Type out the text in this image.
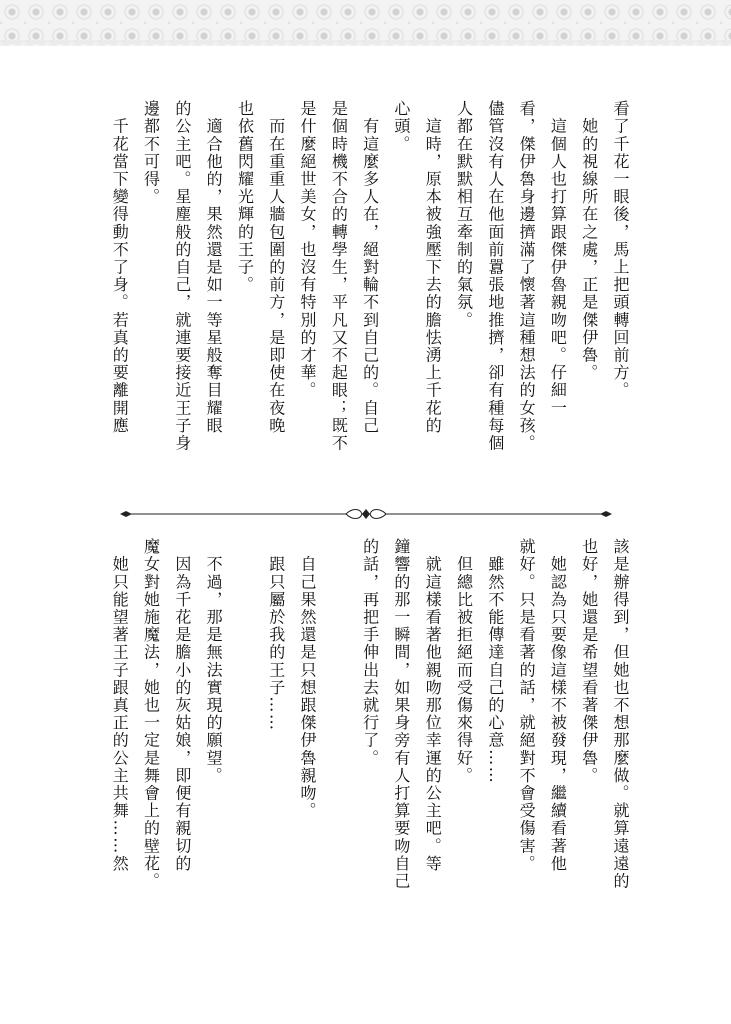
看了千花一眼後，馬上把頭轉回前方。

　她的視線所在之處，正是傑伊魯。

　這個人也打算跟傑伊魯親吻吧。仔細一

看，傑伊魯身邊擠滿了懷著這種想法的女孩。

儘管沒有人在他面前囂張地推擠，卻有種每個

人都在默默相互牽制的氣氛。

　這時，原本被強壓下去的膽怯湧上千花的

心頭。

　有這麼多人在，絕對輪不到自己的。自己

是個時機不合的轉學生，平凡又不起眼；既不

是什麼絕世美女，也沒有特別的才華。

　而在重重人牆包圍的前方，是即使在夜晚

也依舊閃耀光輝的王子。

　適合他的，果然還是如一等星般奪目耀眼

的公主吧。星塵般的自己，就連要接近王子身

邊都不可得。

　千花當下變得動不了身。若真的要離開應

該是辦得到，但她也不想那麼做。就算遠遠的

也好，她還是希望看著傑伊魯。

　她認為只要像這樣不被發現，繼續看著他

就好。只是看著的話，就絕對不會受傷害。

　雖然不能傳達自己的心意……

　但總比被拒絕而受傷來得好。

　就這樣看著他親吻那位幸運的公主吧。等

鐘響的那一瞬間，如果身旁有人打算要吻自己

的話，再把手伸出去就行了。

　自己果然還是只想跟傑伊魯親吻。

　跟只屬於我的王子……

　不過，那是無法實現的願望。

　因為千花是膽小的灰姑娘，即便有親切的

魔女對她施魔法，她也一定是舞會上的壁花。

　她只能望著王子跟真正的公主共舞……然
